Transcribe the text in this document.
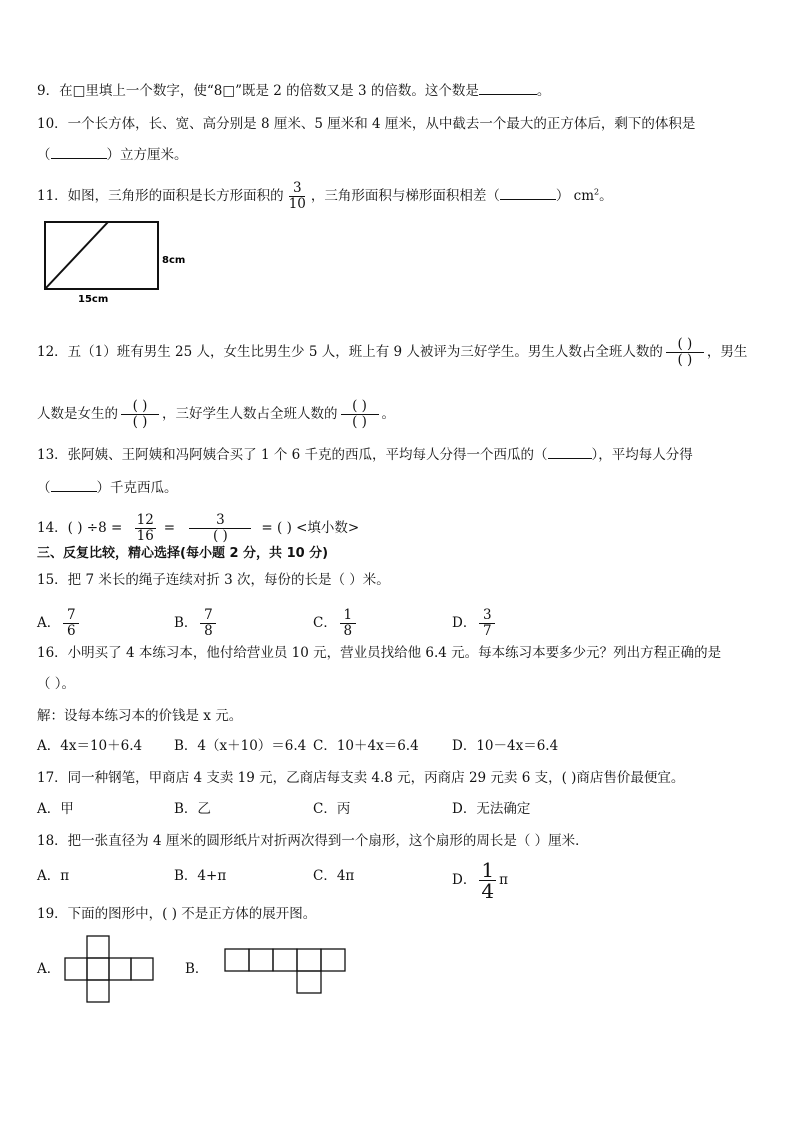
9．在□里填上一个数字，使“8□”既是 2 的倍数又是 3 的倍数。这个数是	。
10．一个长方体，长、宽、高分别是 8 厘米、5 厘米和 4 厘米，从中截去一个最大的正方体后，剩下的体积是
（	）立方厘米。
11．如图，三角形的面积是长方形面积的 $\frac{3}{10}$ ，三角形面积与梯形面积相差（	） $cm^2$。
8cm
15cm
12．五（1）班有男生 25 人，女生比男生少 5 人，班上有 9 人被评为三好学生。男生人数占全班人数的 $\frac{( )}{( )}$ ，男生
人数是女生的 $\frac{( )}{( )}$ ，三好学生人数占全班人数的 $\frac{( )}{( )}$ 。
13．张阿姨、王阿姨和冯阿姨合买了 1 个 6 千克的西瓜，平均每人分得一个西瓜的（	），平均每人分得
（	）千克西瓜。
14．( ) $\div 8 = \frac{12}{16} = \frac{3}{( )}$ = ( ) <填小数>
三、反复比较，精心选择(每小题 2 分，共 10 分)
15．把 7 米长的绳子连续对折 3 次，每份的长是（ ）米。
A． $\frac{7}{6}$	B． $\frac{7}{8}$	C． $\frac{1}{8}$	D． $\frac{3}{7}$
16．小明买了 4 本练习本，他付给营业员 10 元，营业员找给他 6.4 元。每本练习本要多少元？列出方程正确的是
（ ）。
解：设每本练习本的价钱是 x 元。
A．4x＝10＋6.4 B．4（x＋10）＝6.4 C．10＋4x＝6.4 D．10－4x＝6.4
17．同一种钢笔，甲商店 4 支卖 19 元，乙商店每支卖 4.8 元，丙商店 29 元卖 6 支，( )商店售价最便宜。
A．甲	B．乙	C．丙	D．无法确定
18．把一张直径为 4 厘米的圆形纸片对折两次得到一个扇形，这个扇形的周长是（ ）厘米．
A．π	B．4+π	C．4π	D． $\frac{1}{4}$ π
19．下面的图形中，( ) 不是正方体的展开图。
A．	B．
